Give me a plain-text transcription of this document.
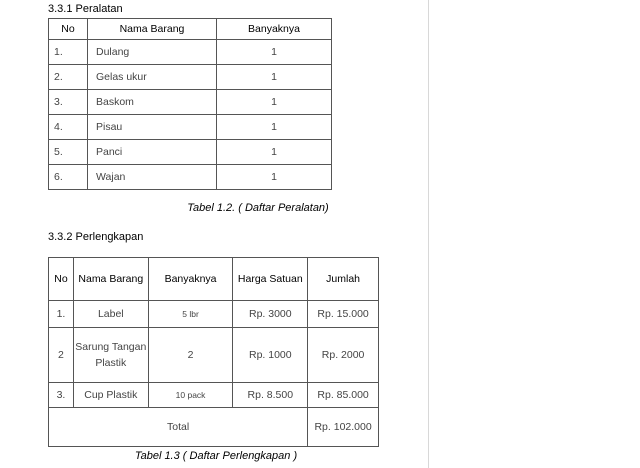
3.3.1 Peralatan
No	Nama Barang	Banyaknya
1.	Dulang	1
2.	Gelas ukur	1
3.	Baskom	1
4.	Pisau	1
5.	Panci	1
6.	Wajan	1
Tabel 1.2. ( Daftar Peralatan)
3.3.2 Perlengkapan
No	Nama Barang	Banyaknya	Harga Satuan	Jumlah
1.	Label	5 lbr	Rp. 3000	Rp. 15.000
2	Sarung Tangan Plastik	2	Rp. 1000	Rp. 2000
3.	Cup Plastik	10 pack	Rp. 8.500	Rp. 85.000
Total				Rp. 102.000
Tabel 1.3 ( Daftar Perlengkapan )
